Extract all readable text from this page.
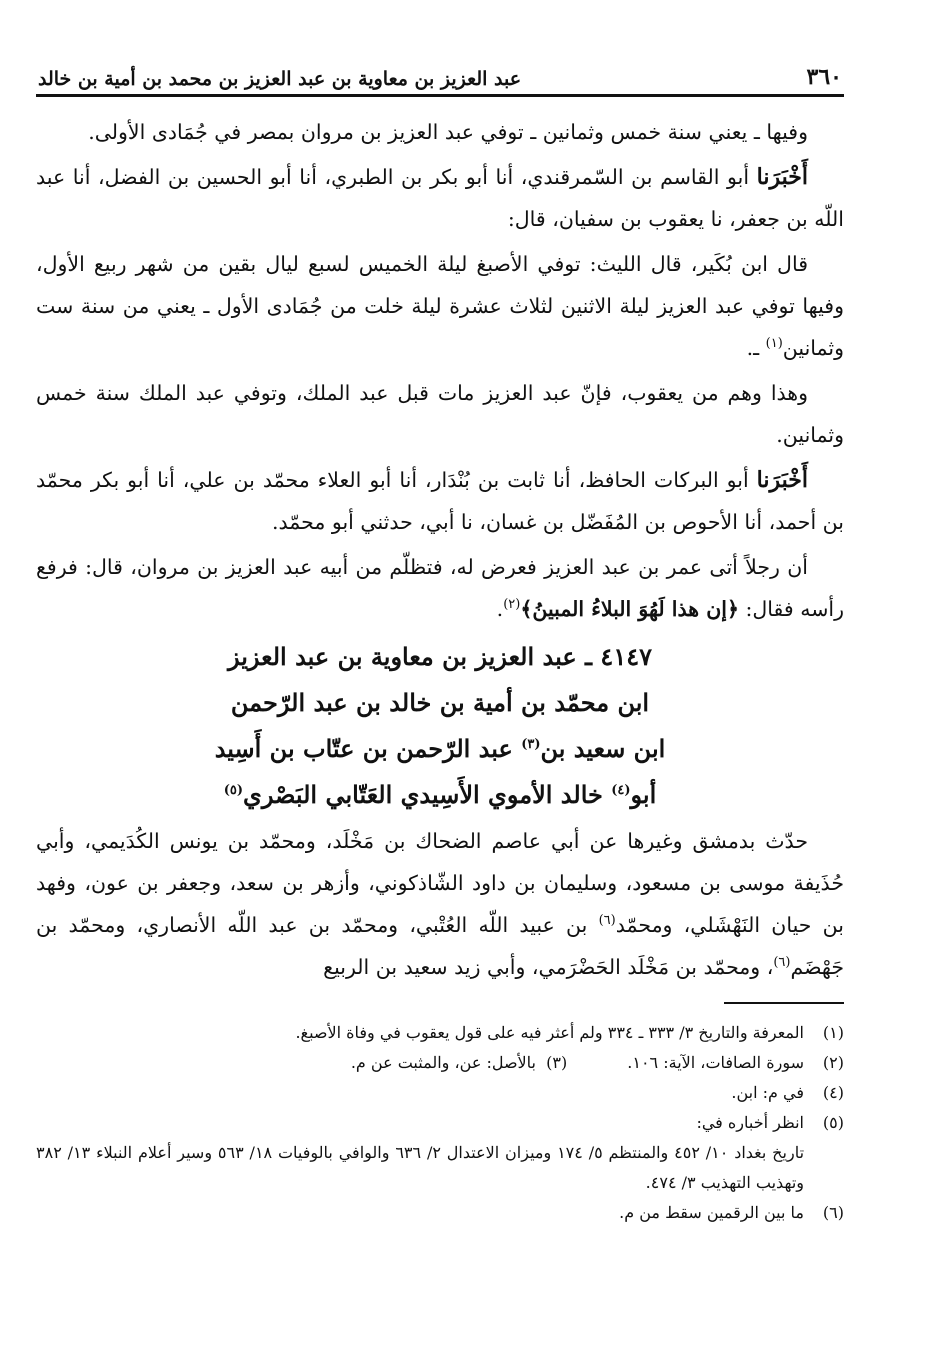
٣٦٠
عبد العزيز بن معاوية بن عبد العزيز بن محمد بن أمية بن خالد

وفيها ـ يعني سنة خمس وثمانين ـ توفي عبد العزيز بن مروان بمصر في جُمَادى الأولى.

أَخْبَرَنا أبو القاسم بن السّمرقندي، أنا أبو بكر بن الطبري، أنا أبو الحسين بن الفضل، أنا عبد اللّه بن جعفر، نا يعقوب بن سفيان، قال:

قال ابن بُكَير، قال الليث: توفي الأصبغ ليلة الخميس لسبع ليال بقين من شهر ربيع الأول، وفيها توفي عبد العزيز ليلة الاثنين لثلاث عشرة ليلة خلت من جُمَادى الأول ـ يعني من سنة ست وثمانين$^{(١)}$ ـ.

وهذا وهم من يعقوب، فإنّ عبد العزيز مات قبل عبد الملك، وتوفي عبد الملك سنة خمس وثمانين.

أَخْبَرَنا أبو البركات الحافظ، أنا ثابت بن بُنْدَار، أنا أبو العلاء محمّد بن علي، أنا أبو بكر محمّد بن أحمد، أنا الأحوص بن المُفَضّل بن غسان، نا أبي، حدثني أبو محمّد.

أن رجلاً أتى عمر بن عبد العزيز فعرض له، فتظلّم من أبيه عبد العزيز بن مروان، قال: فرفع رأسه فقال: ﴿إن هذا لَهُوَ البلاءُ المبينُ﴾$^{(٢)}$.

٤١٤٧ ـ عبد العزيز بن معاوية بن عبد العزيز
ابن محمّد بن أمية بن خالد بن عبد الرّحمن
ابن سعيد بن$^{(٣)}$ عبد الرّحمن بن عتّاب بن أَسِيد
أبو$^{(٤)}$ خالد الأموي الأَسِيدي العَتّابي البَصْري$^{(٥)}$

حدّث بدمشق وغيرها عن أبي عاصم الضحاك بن مَخْلَد، ومحمّد بن يونس الكُدَيمي، وأبي حُذَيفة موسى بن مسعود، وسليمان بن داود الشّاذكوني، وأزهر بن سعد، وجعفر بن عون، وفهد بن حيان النَهْشَلي، ومحمّد$^{(٦)}$ بن عبيد اللّه العُتْبي، ومحمّد بن عبد اللّه الأنصاري، ومحمّد بن جَهْضَم$^{(٦)}$، ومحمّد بن مَخْلَد الحَضْرَمي، وأبي زيد سعيد بن الربيع

(١)
المعرفة والتاريخ ٣/ ٣٣٣ ـ ٣٣٤ ولم أعثر فيه على قول يعقوب في وفاة الأصبغ.
(٢)
سورة الصافات، الآية: ١٠٦.
(٣)  بالأصل: عن، والمثبت عن م.
(٤)
في م: ابن.
(٥)
انظر أخباره في:
تاريخ بغداد ١٠/ ٤٥٢ والمنتظم ٥/ ١٧٤ وميزان الاعتدال ٢/ ٦٣٦ والوافي بالوفيات ١٨/ ٥٦٣ وسير أعلام النبلاء ١٣/ ٣٨٢ وتهذيب التهذيب ٣/ ٤٧٤.
(٦)
ما بين الرقمين سقط من م.
